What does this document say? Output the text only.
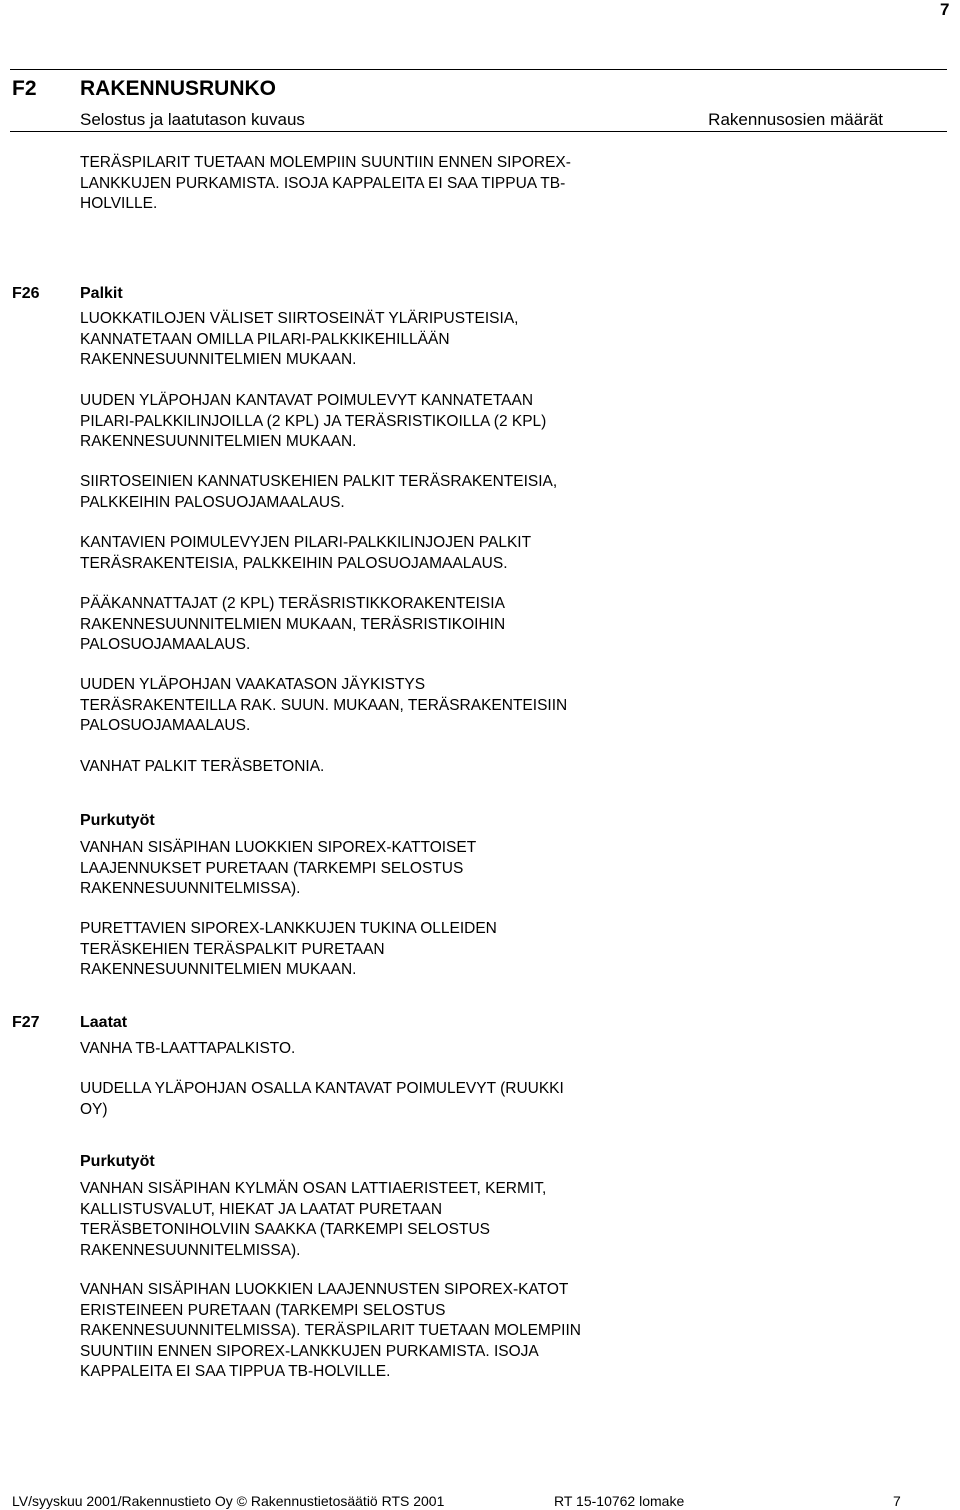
7
F2 RAKENNUSRUNKO
Selostus ja laatutason kuvaus	Rakennusosien määrät

TERÄSPILARIT TUETAAN MOLEMPIIN SUUNTIIN ENNEN SIPOREX-
LANKKUJEN PURKAMISTA. ISOJA KAPPALEITA EI SAA TIPPUA TB-
HOLVILLE.

F26	Palkit

LUOKKATILOJEN VÄLISET SIIRTOSEINÄT YLÄRIPUSTEISIA,
KANNATETAAN OMILLA PILARI-PALKKIKEHILLÄÄN
RAKENNESUUNNITELMIEN MUKAAN.

UUDEN YLÄPOHJAN KANTAVAT POIMULEVYT KANNATETAAN
PILARI-PALKKILINJOILLA (2 KPL) JA TERÄSRISTIKOILLA (2 KPL)
RAKENNESUUNNITELMIEN MUKAAN.

SIIRTOSEINIEN KANNATUSKEHIEN PALKIT TERÄSRAKENTEISIA,
PALKKEIHIN PALOSUOJAMAALAUS.

KANTAVIEN POIMULEVYJEN PILARI-PALKKILINJOJEN PALKIT
TERÄSRAKENTEISIA, PALKKEIHIN PALOSUOJAMAALAUS.

PÄÄKANNATTAJAT (2 KPL) TERÄSRISTIKKORAKENTEISIA
RAKENNESUUNNITELMIEN MUKAAN, TERÄSRISTIKOIHIN
PALOSUOJAMAALAUS.

UUDEN YLÄPOHJAN VAAKATASON JÄYKISTYS
TERÄSRAKENTEILLA RAK. SUUN. MUKAAN, TERÄSRAKENTEISIIN
PALOSUOJAMAALAUS.

VANHAT PALKIT TERÄSBETONIA.

Purkutyöt

VANHAN SISÄPIHAN LUOKKIEN SIPOREX-KATTOISET
LAAJENNUKSET PURETAAN (TARKEMPI SELOSTUS
RAKENNESUUNNITELMISSA).

PURETTAVIEN SIPOREX-LANKKUJEN TUKINA OLLEIDEN
TERÄSKEHIEN TERÄSPALKIT PURETAAN
RAKENNESUUNNITELMIEN MUKAAN.

F27	Laatat

VANHA TB-LAATTAPALKISTO.

UUDELLA YLÄPOHJAN OSALLA KANTAVAT POIMULEVYT (RUUKKI
OY)

Purkutyöt

VANHAN SISÄPIHAN KYLMÄN OSAN LATTIAERISTEET, KERMIT,
KALLISTUSVALUT, HIEKAT JA LAATAT PURETAAN
TERÄSBETONIHOLVIIN SAAKKA (TARKEMPI SELOSTUS
RAKENNESUUNNITELMISSA).

VANHAN SISÄPIHAN LUOKKIEN LAAJENNUSTEN SIPOREX-KATOT
ERISTEINEEN PURETAAN (TARKEMPI SELOSTUS
RAKENNESUUNNITELMISSA). TERÄSPILARIT TUETAAN MOLEMPIIN
SUUNTIIN ENNEN SIPOREX-LANKKUJEN PURKAMISTA. ISOJA
KAPPALEITA EI SAA TIPPUA TB-HOLVILLE.

LV/syyskuu 2001/Rakennustieto Oy © Rakennustietosäätiö RTS 2001	RT 15-10762 lomake	7
